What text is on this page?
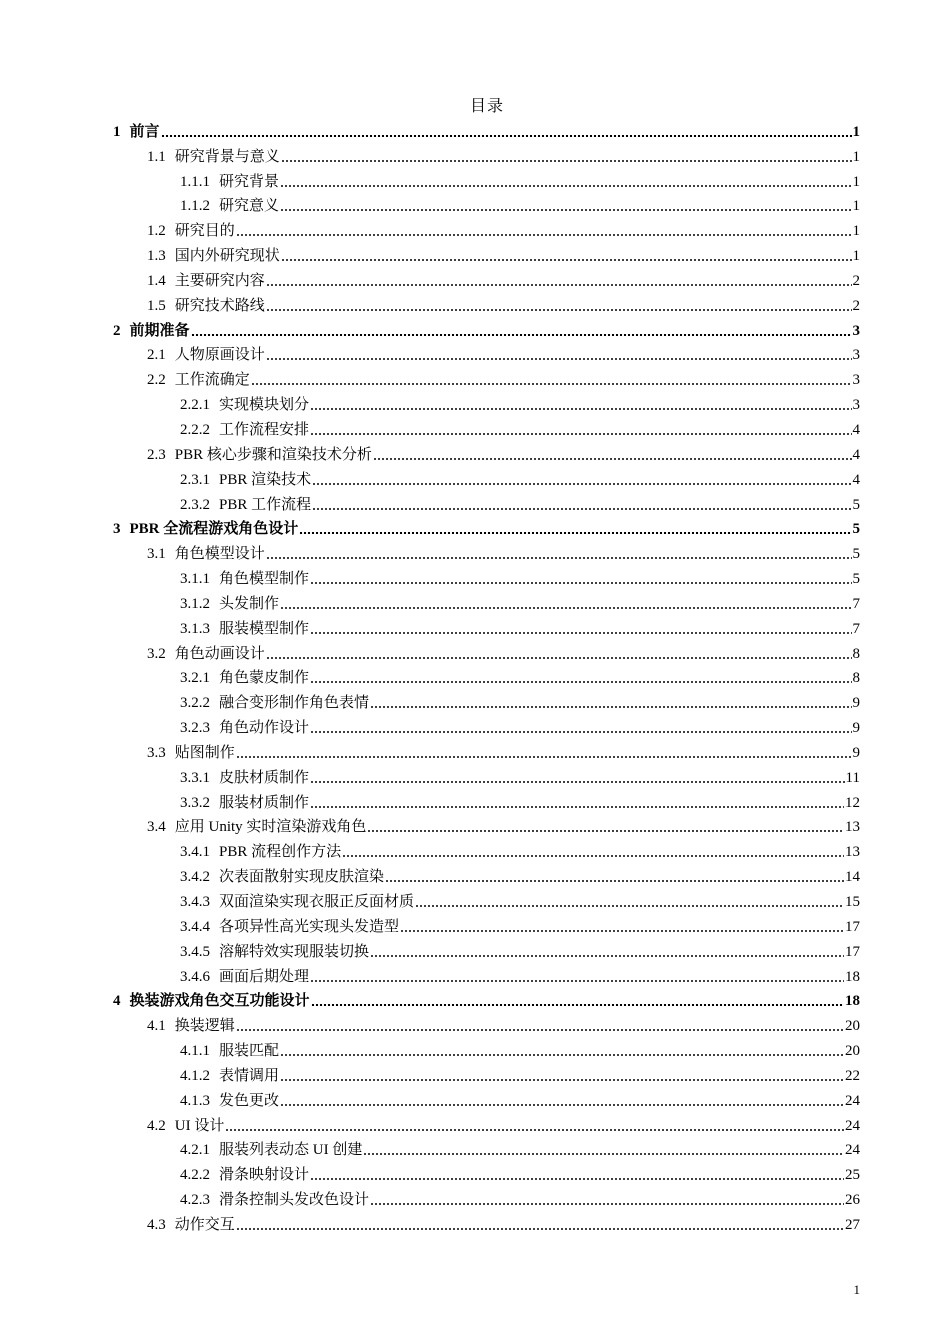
目录
1 前言	1
1.1 研究背景与意义	1
1.1.1 研究背景	1
1.1.2 研究意义	1
1.2 研究目的	1
1.3 国内外研究现状	1
1.4 主要研究内容	2
1.5 研究技术路线	2
2 前期准备	3
2.1 人物原画设计	3
2.2 工作流确定	3
2.2.1 实现模块划分	3
2.2.2 工作流程安排	4
2.3 PBR 核心步骤和渲染技术分析	4
2.3.1 PBR 渲染技术	4
2.3.2 PBR 工作流程	5
3 PBR 全流程游戏角色设计	5
3.1 角色模型设计	5
3.1.1 角色模型制作	5
3.1.2 头发制作	7
3.1.3 服装模型制作	7
3.2 角色动画设计	8
3.2.1 角色蒙皮制作	8
3.2.2 融合变形制作角色表情	9
3.2.3 角色动作设计	9
3.3 贴图制作	9
3.3.1 皮肤材质制作	11
3.3.2 服装材质制作	12
3.4 应用 Unity 实时渲染游戏角色	13
3.4.1 PBR 流程创作方法	13
3.4.2 次表面散射实现皮肤渲染	14
3.4.3 双面渲染实现衣服正反面材质	15
3.4.4 各项异性高光实现头发造型	17
3.4.5 溶解特效实现服装切换	17
3.4.6 画面后期处理	18
4 换装游戏角色交互功能设计	18
4.1 换装逻辑	20
4.1.1 服装匹配	20
4.1.2 表情调用	22
4.1.3 发色更改	24
4.2 UI 设计	24
4.2.1 服装列表动态 UI 创建	24
4.2.2 滑条映射设计	25
4.2.3 滑条控制头发改色设计	26
4.3 动作交互	27
1
